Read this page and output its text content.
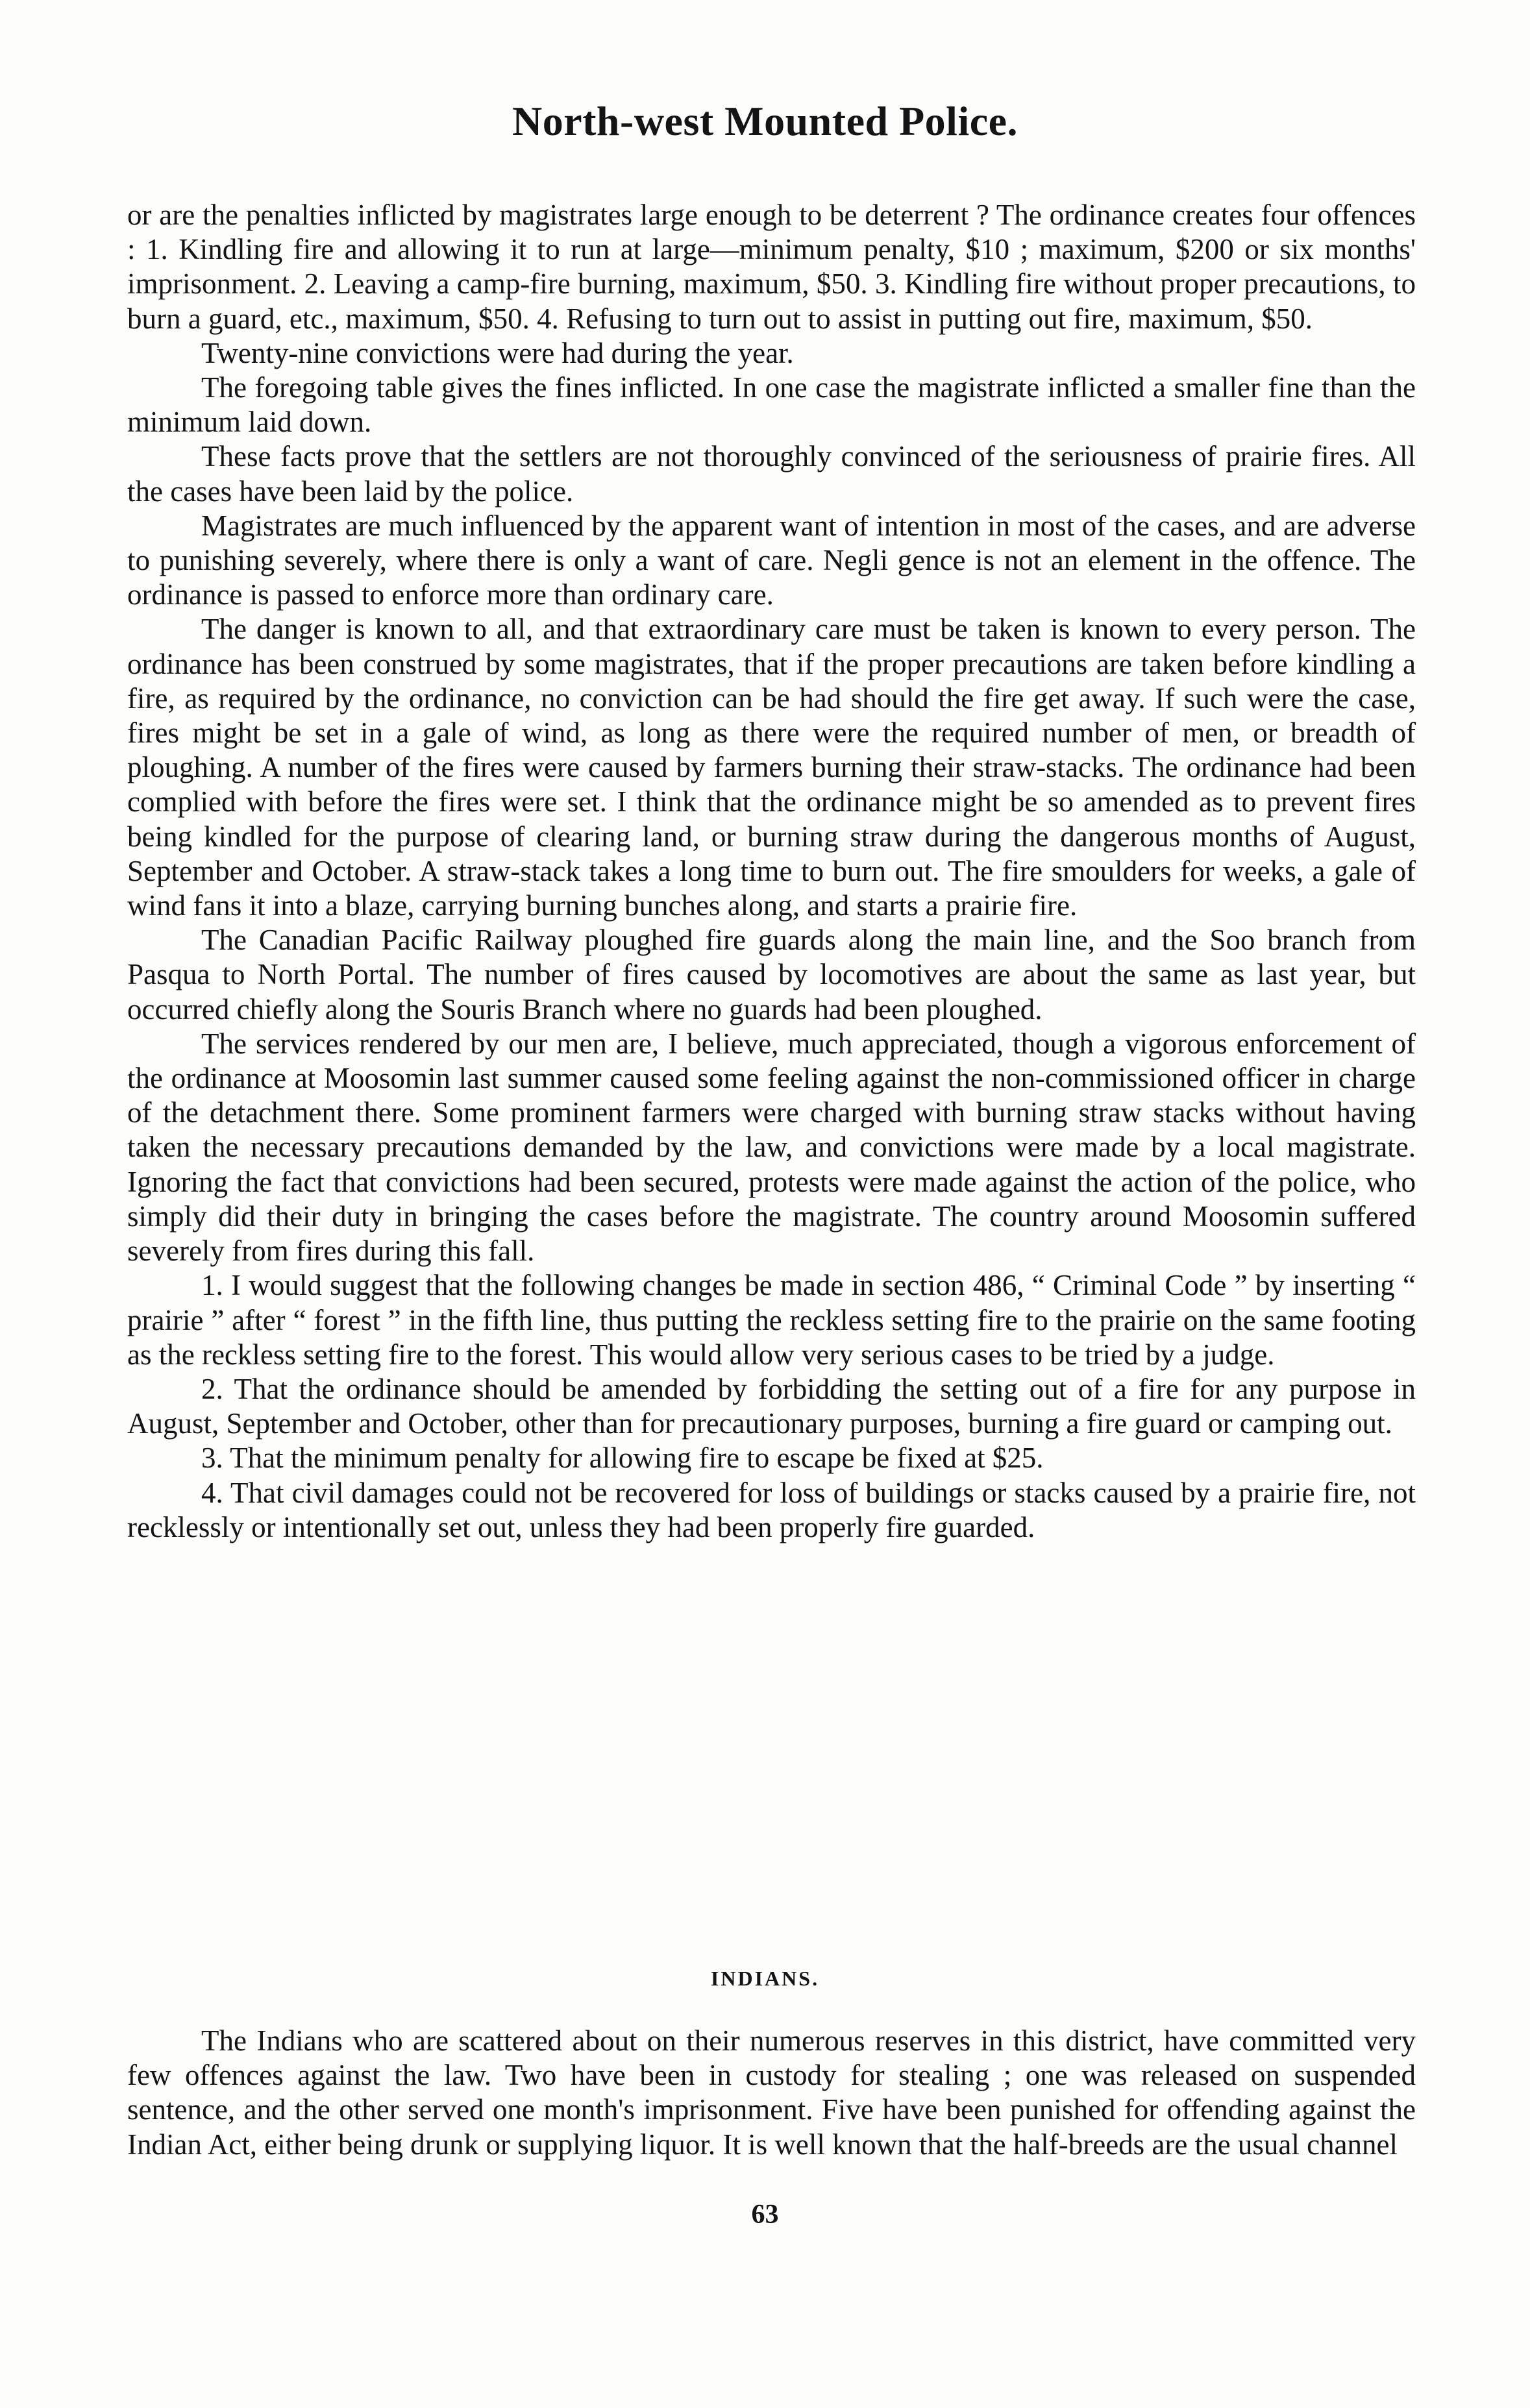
North-west Mounted Police.

or are the penalties inflicted by magistrates large enough to be deterrent ? The ordinance creates four offences : 1. Kindling fire and allowing it to run at large—minimum penalty, $10 ; maximum, $200 or six months' imprisonment. 2. Leaving a camp-fire burning, maximum, $50. 3. Kindling fire without proper precautions, to burn a guard, etc., maximum, $50. 4. Refusing to turn out to assist in putting out fire, maximum, $50.

Twenty-nine convictions were had during the year.

The foregoing table gives the fines inflicted. In one case the magistrate inflicted a smaller fine than the minimum laid down.

These facts prove that the settlers are not thoroughly convinced of the seriousness of prairie fires. All the cases have been laid by the police.

Magistrates are much influenced by the apparent want of intention in most of the cases, and are adverse to punishing severely, where there is only a want of care. Negli gence is not an element in the offence. The ordinance is passed to enforce more than ordinary care.

The danger is known to all, and that extraordinary care must be taken is known to every person. The ordinance has been construed by some magistrates, that if the proper precautions are taken before kindling a fire, as required by the ordinance, no conviction can be had should the fire get away. If such were the case, fires might be set in a gale of wind, as long as there were the required number of men, or breadth of ploughing. A number of the fires were caused by farmers burning their straw-stacks. The ordinance had been complied with before the fires were set. I think that the ordinance might be so amended as to prevent fires being kindled for the purpose of clearing land, or burning straw during the dangerous months of August, September and October. A straw-stack takes a long time to burn out. The fire smoulders for weeks, a gale of wind fans it into a blaze, carrying burning bunches along, and starts a prairie fire.

The Canadian Pacific Railway ploughed fire guards along the main line, and the Soo branch from Pasqua to North Portal. The number of fires caused by locomotives are about the same as last year, but occurred chiefly along the Souris Branch where no guards had been ploughed.

The services rendered by our men are, I believe, much appreciated, though a vigorous enforcement of the ordinance at Moosomin last summer caused some feeling against the non-commissioned officer in charge of the detachment there. Some prominent farmers were charged with burning straw stacks without having taken the necessary precautions demanded by the law, and convictions were made by a local magistrate. Ignoring the fact that convictions had been secured, protests were made against the action of the police, who simply did their duty in bringing the cases before the magistrate. The country around Moosomin suffered severely from fires during this fall.

1. I would suggest that the following changes be made in section 486, “ Criminal Code ” by inserting “ prairie ” after “ forest ” in the fifth line, thus putting the reckless setting fire to the prairie on the same footing as the reckless setting fire to the forest. This would allow very serious cases to be tried by a judge.

2. That the ordinance should be amended by forbidding the setting out of a fire for any purpose in August, September and October, other than for precautionary purposes, burning a fire guard or camping out.

3. That the minimum penalty for allowing fire to escape be fixed at $25.

4. That civil damages could not be recovered for loss of buildings or stacks caused by a prairie fire, not recklessly or intentionally set out, unless they had been properly fire guarded.

INDIANS.

The Indians who are scattered about on their numerous reserves in this district, have committed very few offences against the law. Two have been in custody for stealing ; one was released on suspended sentence, and the other served one month's imprisonment. Five have been punished for offending against the Indian Act, either being drunk or supplying liquor. It is well known that the half-breeds are the usual channel

63
